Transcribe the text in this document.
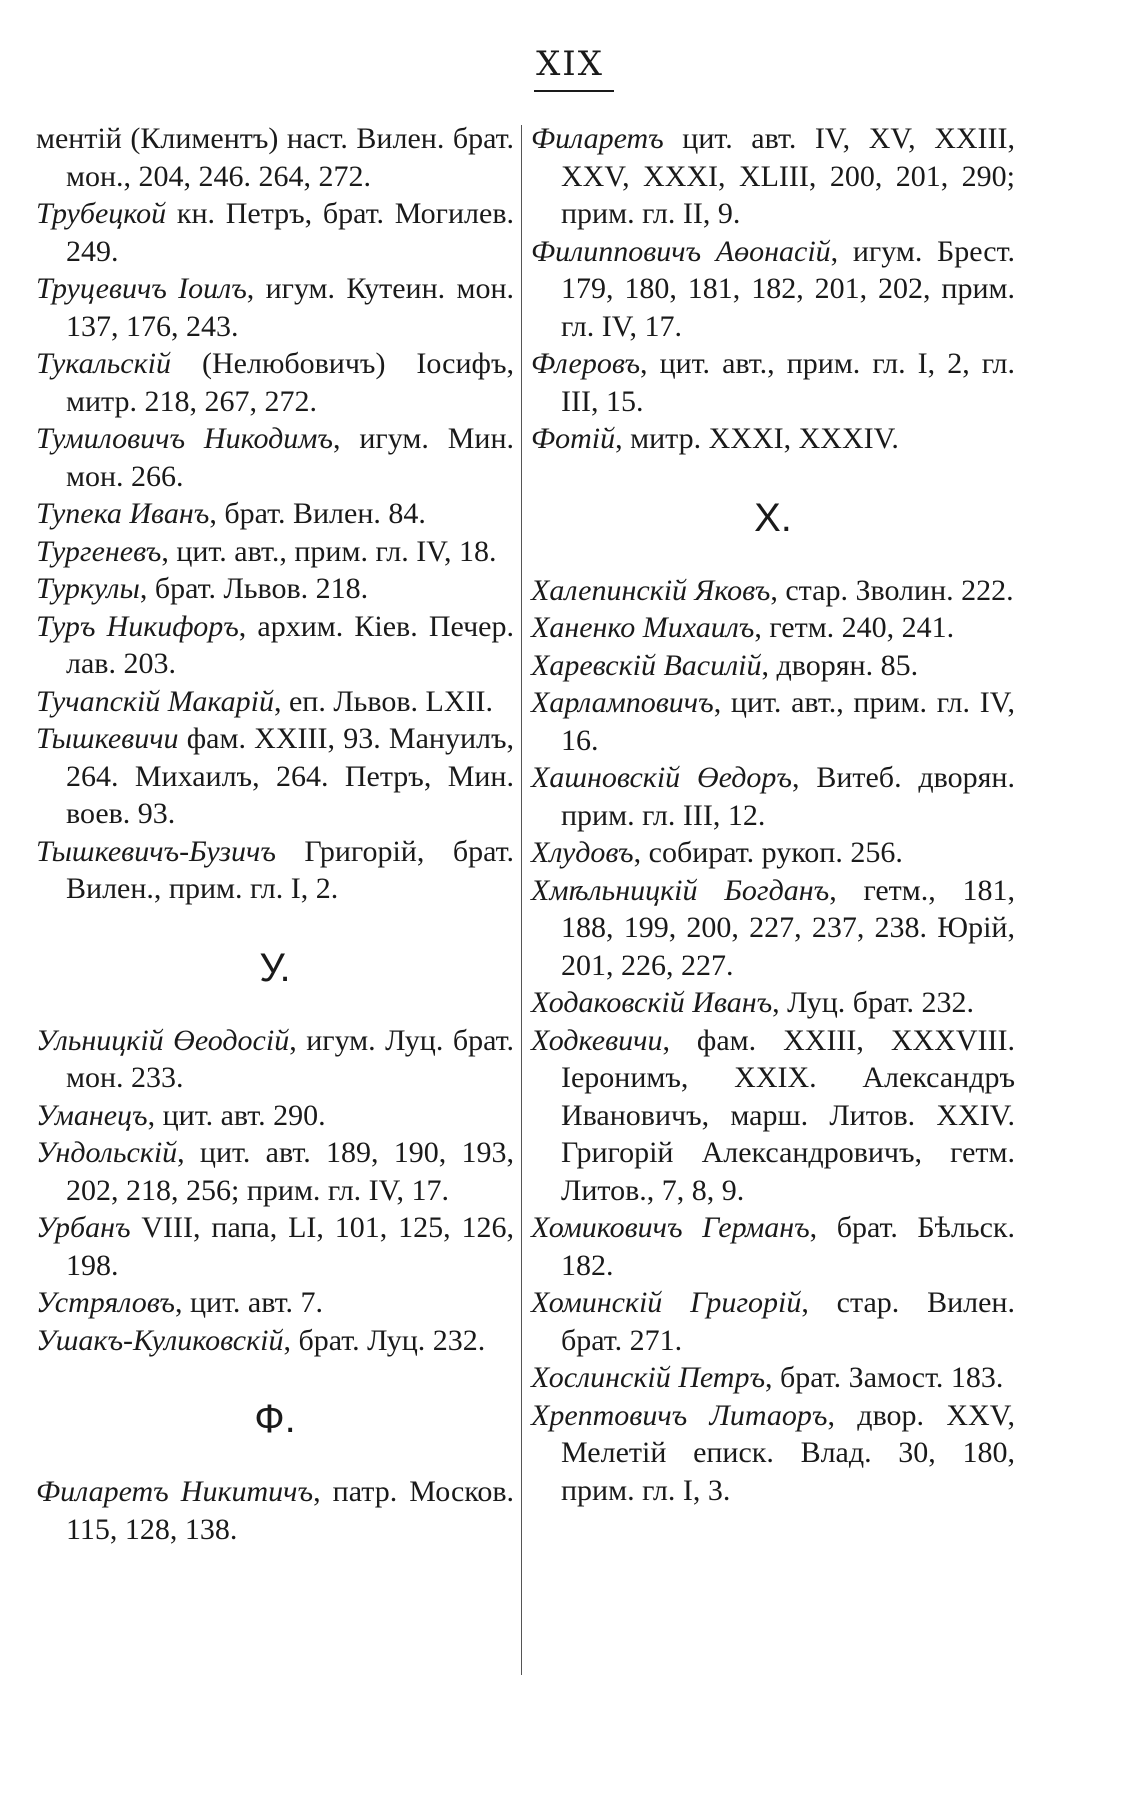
XIX

ментій (Климентъ) наст. Вилен. брат. мон., 204, 246. 264, 272.

Трубецкой кн. Петръ, брат. Могилев. 249.

Труцевичъ Іоилъ, игум. Кутеин. мон. 137, 176, 243.

Тукальскій (Нелюбовичъ) Іосифъ, митр. 218, 267, 272.

Тумиловичъ Никодимъ, игум. Мин. мон. 266.

Тупека Иванъ, брат. Вилен. 84.

Тургеневъ, цит. авт., прим. гл. IV, 18.

Туркулы, брат. Львов. 218.

Туръ Никифоръ, архим. Кіев. Печер. лав. 203.

Тучапскій Макарій, еп. Львов. LXII.

Тышкевичи фам. XXIII, 93. Мануилъ, 264. Михаилъ, 264. Петръ, Мин. воев. 93.

Тышкевичъ-Бузичъ Григорій, брат. Вилен., прим. гл. I, 2.

У.

Ульницкій Өеодосій, игум. Луц. брат. мон. 233.

Уманецъ, цит. авт. 290.

Ундольскій, цит. авт. 189, 190, 193, 202, 218, 256; прим. гл. IV, 17.

Урбанъ VIII, папа, LI, 101, 125, 126, 198.

Устряловъ, цит. авт. 7.

Ушакъ-Куликовскій, брат. Луц. 232.

Ф.

Филаретъ Никитичъ, патр. Москов. 115, 128, 138.

Филаретъ цит. авт. IV, XV, XXIII, XXV, XXXI, XLIII, 200, 201, 290; прим. гл. II, 9.

Филипповичъ Аөонасій, игум. Брест. 179, 180, 181, 182, 201, 202, прим. гл. IV, 17.

Флеровъ, цит. авт., прим. гл. I, 2, гл. III, 15.

Фотій, митр. XXXI, XXXIV.

Х.

Халепинскій Яковъ, стар. Зволин. 222.

Ханенко Михаилъ, гетм. 240, 241.

Харевскій Василій, дворян. 85.

Харламповичъ, цит. авт., прим. гл. IV, 16.

Хашновскій Өедоръ, Витеб. дворян. прим. гл. III, 12.

Хлудовъ, собират. рукоп. 256.

Хмѣльницкій Богданъ, гетм., 181, 188, 199, 200, 227, 237, 238. Юрій, 201, 226, 227.

Ходаковскій Иванъ, Луц. брат. 232.

Ходкевичи, фам. XXIII, XXXVIII. Іеронимъ, XXIX. Александръ Ивановичъ, марш. Литов. XXIV. Григорій Александровичъ, гетм. Литов., 7, 8, 9.

Хомиковичъ Германъ, брат. Бѣльск. 182.

Хоминскій Григорій, стар. Вилен. брат. 271.

Хослинскій Петръ, брат. Замост. 183.

Хрептовичъ Литаоръ, двор. XXV, Мелетій епиcк. Влад. 30, 180, прим. гл. I, 3.
